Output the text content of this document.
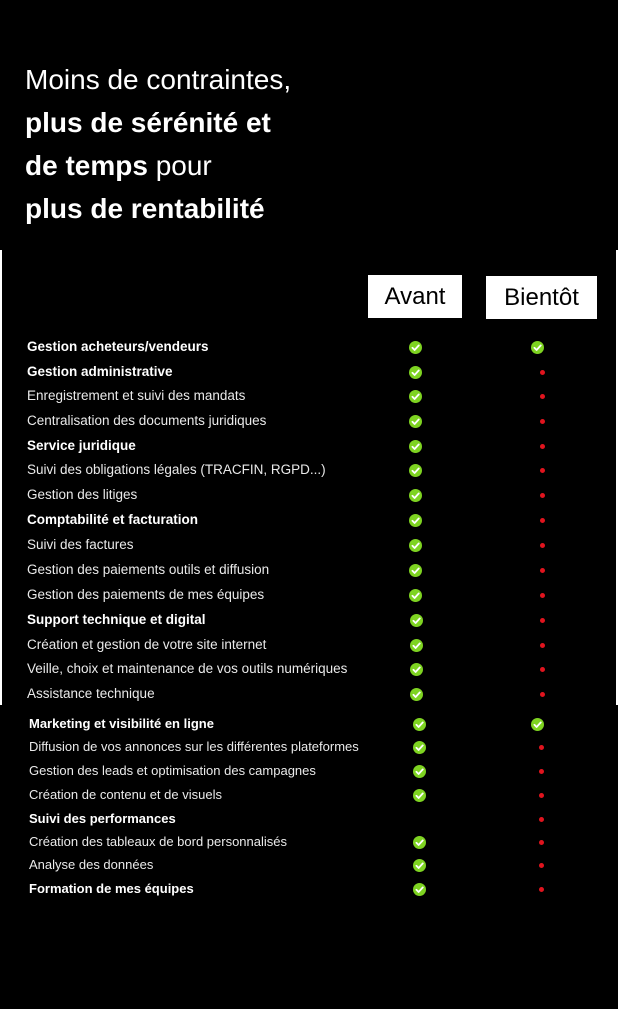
Moins de contraintes,
plus de sérénité et
de temps pour
plus de rentabilité
Avant	Bientôt
Gestion acheteurs/vendeurs
Gestion administrative
Enregistrement et suivi des mandats
Centralisation des documents juridiques
Service juridique
Suivi des obligations légales (TRACFIN, RGPD...)
Gestion des litiges
Comptabilité et facturation
Suivi des factures
Gestion des paiements outils et diffusion
Gestion des paiements de mes équipes
Support technique et digital
Création et gestion de votre site internet
Veille, choix et maintenance de vos outils numériques
Assistance technique
Marketing et visibilité en ligne
Diffusion de vos annonces sur les différentes plateformes
Gestion des leads et optimisation des campagnes
Création de contenu et de visuels
Suivi des performances
Création des tableaux de bord personnalisés
Analyse des données
Formation de mes équipes
